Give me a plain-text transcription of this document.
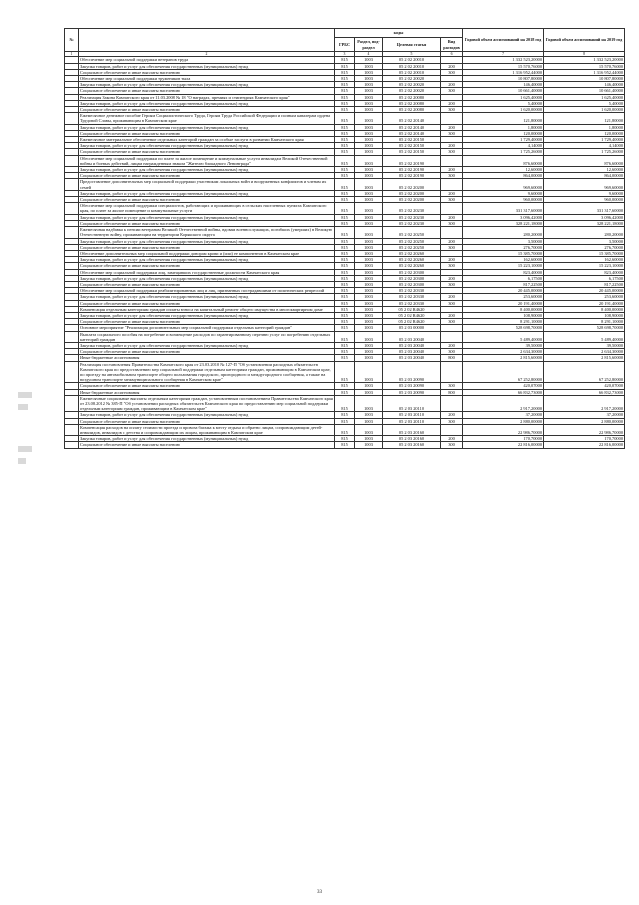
№		коды				Годовой объем ассигнований на 2018 год	Годовой объем ассигнований на 2019 год
		ГРБС	Раздел, под-раздел	Целевая статья	Вид расходов		
1	2	3	4	5	6	7	8
	Обеспечение мер социальной поддержки ветеранов труда	815	1003	05 2 02 20010		1 332 523,20000	1 332 523,20000
	Закупка товаров, работ и услуг для обеспечения государственных (муниципальных) нужд	815	1003	05 2 02 20010	200	15 570,76000	15 570,76000
	Социальное обеспечение и иные выплаты населению	815	1003	05 2 02 20010	300	1 316 952,44000	1 316 952,44000
	Обеспечение мер социальной поддержки тружеников тыла	815	1003	05 2 02 20020		10 807,80000	10 807,80000
	Закупка товаров, работ и услуг для обеспечения государственных (муниципальных) нужд	815	1003	05 2 02 20020	200	146,40000	146,40000
	Социальное обеспечение и иные выплаты населению	815	1003	05 2 02 20020	300	10 661,40000	10 661,40000
	Реализация Закона Камчатского края от 11.03.2008 № 18 "О наградах, премиях и стипендиях Камчатского края"	815	1003	05 2 02 20080		1 625,40000	1 625,40000
	Закупка товаров, работ и услуг для обеспечения государственных (муниципальных) нужд	815	1003	05 2 02 20080	200	5,40000	5,40000
	Социальное обеспечение и иные выплаты населению	815	1003	05 2 02 20080	300	1 620,00000	1 620,00000
	Ежемесячное денежное пособие Героям Социалистического Труда, Героям Труда Российской Федерации и полным кавалерам ордена Трудовой Славы, проживающим в Камчатском крае	815	1003	05 2 02 20140		121,80000	121,80000
	Закупка товаров, работ и услуг для обеспечения государственных (муниципальных) нужд	815	1003	05 2 02 20140	200	1,80000	1,80000
	Социальное обеспечение и иные выплаты населению	815	1003	05 2 02 20140	300	120,00000	120,00000
	Ежемесячное материальное обеспечение отдельных категорий граждан за особые заслуги в развитии Камчатского края	815	1003	05 2 02 20150		1 729,40000	1 729,40000
	Закупка товаров, работ и услуг для обеспечения государственных (муниципальных) нужд	815	1003	05 2 02 20150	200	4,14000	4,14000
	Социальное обеспечение и иные выплаты населению	815	1003	05 2 02 20150	300	1 725,26000	1 725,26000
	Обеспечение мер социальной поддержки по плате за жилое помещение и коммунальные услуги инвалидам Великой Отечественной войны и боевых действий, лицам награжденным знаком "Жителю блокадного Ленинграда"	815	1003	05 2 02 20190		876,60000	876,60000
	Закупка товаров, работ и услуг для обеспечения государственных (муниципальных) нужд	815	1003	05 2 02 20190	200	12,60000	12,60000
	Социальное обеспечение и иные выплаты населению	815	1003	05 2 02 20190	300	864,00000	864,00000
	Предоставление дополнительных мер социальной поддержки участникам локальных войн и вооруженных конфликтов и членам их семей	815	1003	05 2 02 20200		969,60000	969,60000
	Закупка товаров, работ и услуг для обеспечения государственных (муниципальных) нужд	815	1003	05 2 02 20200	200	9,60000	9,60000
	Социальное обеспечение и иные выплаты населению	815	1003	05 2 02 20200	300	960,00000	960,00000
	Обеспечение мер социальной поддержки специалистов, работающих и проживающих в сельских населенных пунктах Камчатского края, по плате за жилое помещение и коммунальные услуги	815	1003	05 2 02 20230		331 317,60000	331 317,60000
	Закупка товаров, работ и услуг для обеспечения государственных (муниципальных) нужд	815	1003	05 2 02 20230	200	3 096,42000	3 096,42000
	Социальное обеспечение и иные выплаты населению	815	1003	05 2 02 20230	300	328 221,18000	328 221,18000
	Ежемесячная надбавка к пенсии ветеранам Великой Отечественной войны, вдовам военнослужащих, погибших (умерших) в Великую Отечественную войну, проживающим на территории Корякского округа	815	1003	05 2 02 20250		280,20000	280,20000
	Закупка товаров, работ и услуг для обеспечения государственных (муниципальных) нужд	815	1003	05 2 02 20250	200	3,50000	3,50000
	Социальное обеспечение и иные выплаты населению	815	1003	05 2 02 20250	300	276,70000	276,70000
	Обеспечение дополнительных мер социальной поддержки донорам крови и (или) ее компонентов в Камчатском крае	815	1003	05 2 02 20260		15 385,70000	15 385,70000
	Закупка товаров, работ и услуг для обеспечения государственных (муниципальных) нужд	815	1003	05 2 02 20260	200	162,60000	162,60000
	Социальное обеспечение и иные выплаты населению	815	1003	05 2 02 20260	300	15 223,10000	15 223,10000
	Обеспечение мер социальной поддержки лиц, замещавших государственные должности Камчатского края	815	1003	05 2 02 20300		823,40000	823,40000
	Закупка товаров, работ и услуг для обеспечения государственных (муниципальных) нужд	815	1003	05 2 02 20300	200	6,17500	6,17500
	Социальное обеспечение и иные выплаты населению	815	1003	05 2 02 20300	300	817,22500	817,22500
	Обеспечение мер социальной поддержки реабилитированных лиц и лиц, признанных пострадавшими от политических репрессий	815	1003	05 2 02 20330		20 445,00000	20 445,00000
	Закупка товаров, работ и услуг для обеспечения государственных (муниципальных) нужд	815	1003	05 2 02 20330	200	253,60000	253,60000
	Социальное обеспечение и иные выплаты населению	815	1003	05 2 02 20330	300	20 191,40000	20 191,40000
	Компенсация отдельным категориям граждан оплаты взноса на капитальный ремонт общего имущества в многоквартирном доме	815	1003	05 2 02 R4620		8 400,00000	8 400,00000
	Закупка товаров, работ и услуг для обеспечения государственных (муниципальных) нужд	815	1003	05 2 02 R4620	200	108,90000	108,90000
	Социальное обеспечение и иные выплаты населению	815	1003	05 2 02 R4620	300	8 291,10000	8 291,10000
	Основное мероприятие "Реализация дополнительных мер социальной поддержки отдельных категорий граждан"	815	1003	05 2 03 00000		528 698,70000	528 698,70000
	Выплата социального пособия на погребение и возмещение расходов по гарантированному перечню услуг по погребению отдельных категорий граждан	815	1003	05 2 03 20040		5 489,40000	5 489,40000
	Закупка товаров, работ и услуг для обеспечения государственных (муниципальных) нужд	815	1003	05 2 03 20040	200	39,50000	39,50000
	Социальное обеспечение и иные выплаты населению	815	1003	05 2 03 20040	300	2 634,30000	2 634,30000
	Иные бюджетные ассигнования	815	1003	05 2 03 20040	800	2 815,60000	2 815,60000
	Реализация постановления Правительства Камчатского края от 23.03.2010 № 127-П "Об установлении расходных обязательств Камчатского края по предоставлению мер социальной поддержки отдельным категориям граждан, проживающим в Камчатском крае, по проезду на автомобильном транспорте общего пользования городского, пригородного и междугородного сообщения, а также на воздушном транспорте межмуниципального сообщения в Камчатском крае"	815	1003	05 2 03 20090		67 252,80000	67 252,80000
	Социальное обеспечение и иные выплаты населению	815	1003	05 2 03 20090	300	420,07000	420,07000
	Иные бюджетные ассигнования	815	1003	05 2 03 20090	800	66 832,73000	66 832,73000
	Ежемесячные социальные выплаты отдельным категориям граждан, установленным постановлением Правительства Камчатского края от 23.08.2012 № 385-П "Об установлении расходных обязательств Камчатского края по предоставлению мер социальной поддержки отдельным категориям граждан, проживающим в Камчатском крае"	815	1003	05 2 03 20110		2 917,20000	2 917,20000
	Закупка товаров, работ и услуг для обеспечения государственных (муниципальных) нужд	815	1003	05 2 03 20110	200	37,20000	37,20000
	Социальное обеспечение и иные выплаты населению	815	1003	05 2 03 20110	300	2 880,00000	2 880,00000
	Компенсация расходов на оплату стоимости проезда и провоза багажа к месту отдыха и обратно лицам, сопровождающим детей-инвалидов, инвалидов с детства и сопровождающим их лицам, проживающим в Камчатском крае	815	1003	05 2 03 20160		22 986,70000	22 986,70000
	Закупка товаров, работ и услуг для обеспечения государственных (муниципальных) нужд	815	1003	05 2 03 20160	200	170,70000	170,70000
	Социальное обеспечение и иные выплаты населению	815	1003	05 2 03 20160	300	22 816,00000	22 816,00000
33
